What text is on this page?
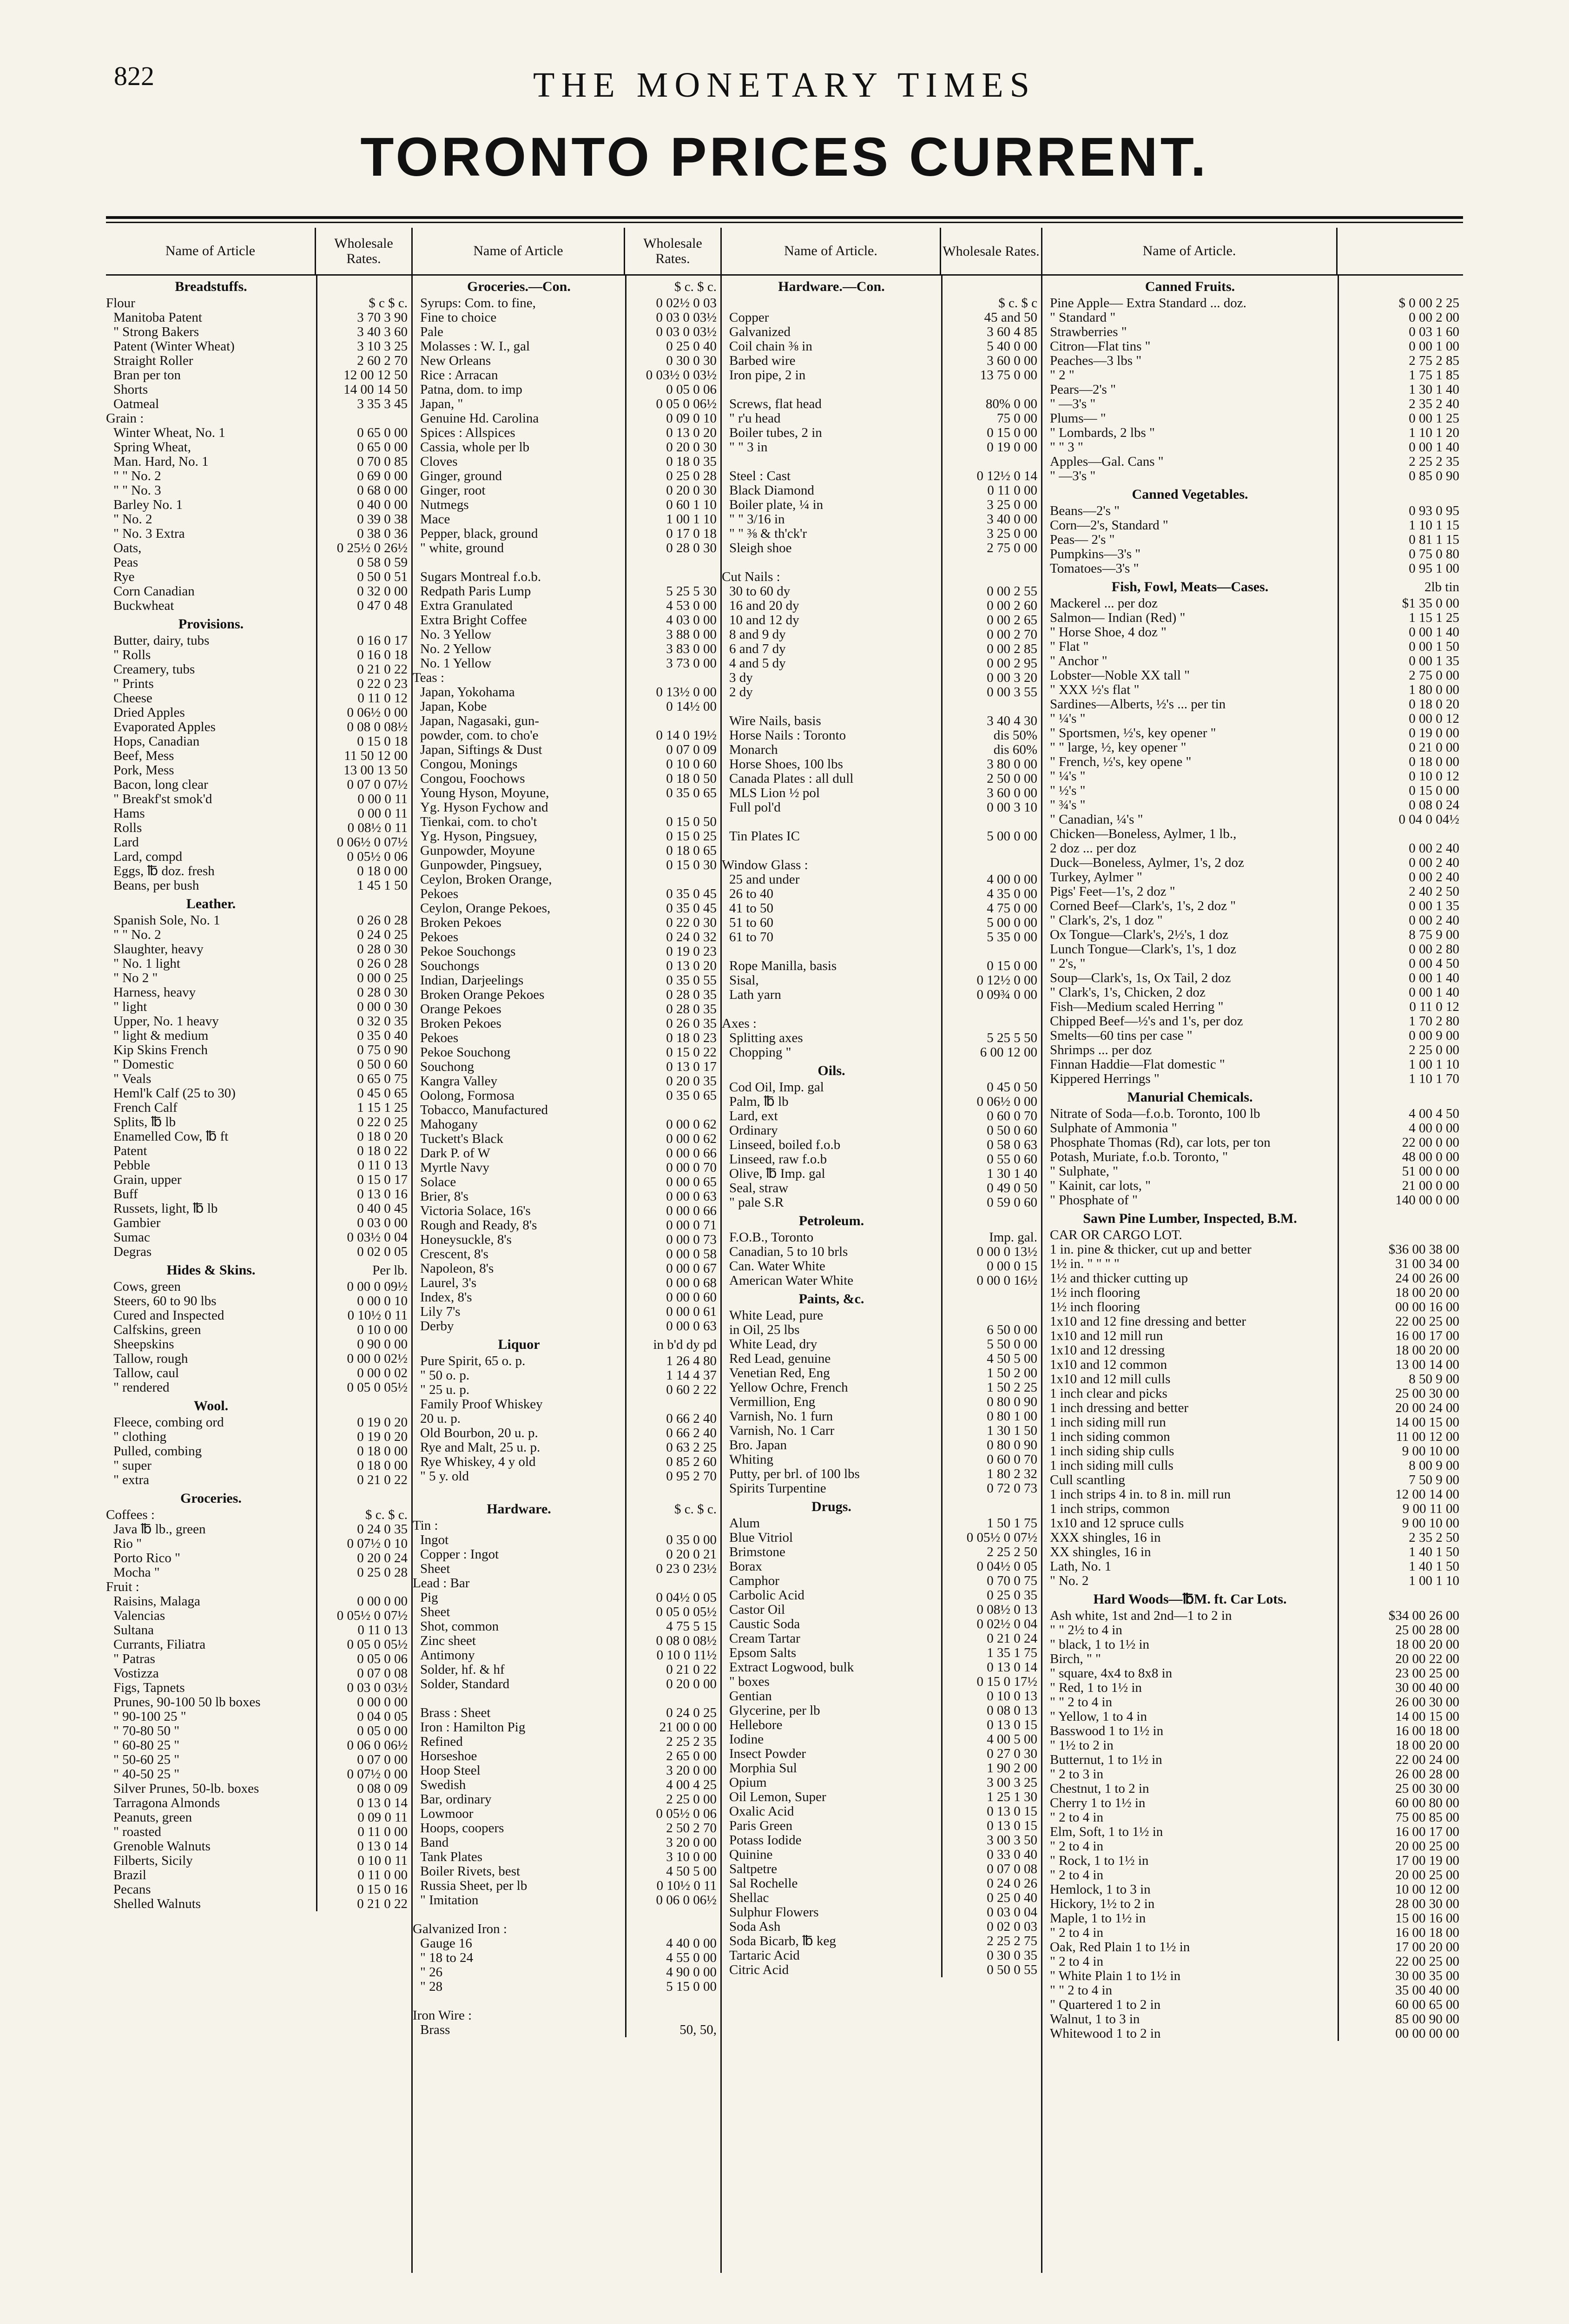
822	THE MONETARY TIMES
TORONTO PRICES CURRENT.
Name of Article	Wholesale Rates.
Breadstuffs.
Flour	$ c $ c.
Manitoba Patent	3 70 3 90
" Strong Bakers	3 40 3 60
Patent (Winter Wheat)	3 10 3 25
Straight Roller	2 60 2 70
Bran per ton	12 00 12 50
Shorts	14 00 14 50
Oatmeal	3 35 3 45
Grain :
Winter Wheat, No. 1	0 65 0 00
Spring Wheat,	0 65 0 00
Man. Hard, No. 1	0 70 0 85
" " No. 2	0 69 0 00
" " No. 3	0 68 0 00
Barley No. 1	0 40 0 00
" No. 2	0 39 0 38
" No. 3 Extra	0 38 0 36
Oats,	0 25½ 0 26½
Peas	0 58 0 59
Rye	0 50 0 51
Corn Canadian	0 32 0 00
Buckwheat	0 47 0 48
Provisions.
Butter, dairy, tubs	0 16 0 17
" Rolls	0 16 0 18
Creamery, tubs	0 21 0 22
" Prints	0 22 0 23
Cheese	0 11 0 12
Dried Apples	0 06½ 0 00
Evaporated Apples	0 08 0 08½
Hops, Canadian	0 15 0 18
Beef, Mess	11 50 12 00
Pork, Mess	13 00 13 50
Bacon, long clear	0 07 0 07½
" Breakf'st smok'd	0 00 0 11
Hams	0 00 0 11
Rolls	0 08½ 0 11
Lard	0 06½ 0 07½
Lard, compd	0 05½ 0 06
Eggs, ℔ doz. fresh	0 18 0 00
Beans, per bush	1 45 1 50
Leather.
Spanish Sole, No. 1	0 26 0 28
" " No. 2	0 24 0 25
Slaughter, heavy	0 28 0 30
" No. 1 light	0 26 0 28
" No 2 "	0 00 0 25
Harness, heavy	0 28 0 30
" light	0 00 0 30
Upper, No. 1 heavy	0 32 0 35
" light & medium	0 35 0 40
Kip Skins French	0 75 0 90
" Domestic	0 50 0 60
" Veals	0 65 0 75
Heml'k Calf (25 to 30)	0 45 0 65
French Calf	1 15 1 25
Splits, ℔ lb	0 22 0 25
Enamelled Cow, ℔ ft	0 18 0 20
Patent	0 18 0 22
Pebble	0 11 0 13
Grain, upper	0 15 0 17
Buff	0 13 0 16
Russets, light, ℔ lb	0 40 0 45
Gambier	0 03 0 00
Sumac	0 03½ 0 04
Degras	0 02 0 05
Hides & Skins.	Per lb.
Cows, green	0 00 0 09½
Steers, 60 to 90 lbs	0 00 0 10
Cured and Inspected	0 10½ 0 11
Calfskins, green	0 10 0 00
Sheepskins	0 90 0 00
Tallow, rough	0 00 0 02½
Tallow, caul	0 00 0 02
" rendered	0 05 0 05½
Wool.
Fleece, combing ord	0 19 0 20
" clothing	0 19 0 20
Pulled, combing	0 18 0 00
" super	0 18 0 00
" extra	0 21 0 22
Groceries.
Coffees :	$ c. $ c.
Java ℔ lb., green	0 24 0 35
Rio "	0 07½ 0 10
Porto Rico "	0 20 0 24
Mocha "	0 25 0 28
Fruit :
Raisins, Malaga	0 00 0 00
Valencias	0 05½ 0 07½
Sultana	0 11 0 13
Currants, Filiatra	0 05 0 05½
" Patras	0 05 0 06
Vostizza	0 07 0 08
Figs, Tapnets	0 03 0 03½
Prunes, 90-100 50 lb boxes	0 00 0 00
" 90-100 25 "	0 04 0 05
" 70-80 50 "	0 05 0 00
" 60-80 25 "	0 06 0 06½
" 50-60 25 "	0 07 0 00
" 40-50 25 "	0 07½ 0 00
Silver Prunes, 50-lb. boxes	0 08 0 09
Tarragona Almonds	0 13 0 14
Peanuts, green	0 09 0 11
" roasted	0 11 0 00
Grenoble Walnuts	0 13 0 14
Filberts, Sicily	0 10 0 11
Brazil	0 11 0 00
Pecans	0 15 0 16
Shelled Walnuts	0 21 0 22
Name of Article	Wholesale Rates.
Groceries.—Con.	$ c. $ c.
Syrups: Com. to fine,	0 02½ 0 03
Fine to choice	0 03 0 03½
Pale	0 03 0 03½
Molasses : W. I., gal	0 25 0 40
New Orleans	0 30 0 30
Rice : Arracan	0 03½ 0 03½
Patna, dom. to imp	0 05 0 06
Japan, "	0 05 0 06½
Genuine Hd. Carolina	0 09 0 10
Spices : Allspices	0 13 0 20
Cassia, whole per lb	0 20 0 30
Cloves	0 18 0 35
Ginger, ground	0 25 0 28
Ginger, root	0 20 0 30
Nutmegs	0 60 1 10
Mace	1 00 1 10
Pepper, black, ground	0 17 0 18
" white, ground	0 28 0 30
Sugars Montreal f.o.b.
Redpath Paris Lump	5 25 5 30
Extra Granulated	4 53 0 00
Extra Bright Coffee	4 03 0 00
No. 3 Yellow	3 88 0 00
No. 2 Yellow	3 83 0 00
No. 1 Yellow	3 73 0 00
Teas :
Japan, Yokohama	0 13½ 0 00
Japan, Kobe	0 14½ 00
Japan, Nagasaki, gun-
powder, com. to cho'e	0 14 0 19½
Japan, Siftings & Dust	0 07 0 09
Congou, Monings	0 10 0 60
Congou, Foochows	0 18 0 50
Young Hyson, Moyune,	0 35 0 65
Yg. Hyson Fychow and
Tienkai, com. to cho't	0 15 0 50
Yg. Hyson, Pingsuey,	0 15 0 25
Gunpowder, Moyune	0 18 0 65
Gunpowder, Pingsuey,	0 15 0 30
Ceylon, Broken Orange,
Pekoes	0 35 0 45
Ceylon, Orange Pekoes,	0 35 0 45
Broken Pekoes	0 22 0 30
Pekoes	0 24 0 32
Pekoe Souchongs	0 19 0 23
Souchongs	0 13 0 20
Indian, Darjeelings	0 35 0 55
Broken Orange Pekoes	0 28 0 35
Orange Pekoes	0 28 0 35
Broken Pekoes	0 26 0 35
Pekoes	0 18 0 23
Pekoe Souchong	0 15 0 22
Souchong	0 13 0 17
Kangra Valley	0 20 0 35
Oolong, Formosa	0 35 0 65
Tobacco, Manufactured
Mahogany	0 00 0 62
Tuckett's Black	0 00 0 62
Dark P. of W	0 00 0 66
Myrtle Navy	0 00 0 70
Solace	0 00 0 65
Brier, 8's	0 00 0 63
Victoria Solace, 16's	0 00 0 66
Rough and Ready, 8's	0 00 0 71
Honeysuckle, 8's	0 00 0 73
Crescent, 8's	0 00 0 58
Napoleon, 8's	0 00 0 67
Laurel, 3's	0 00 0 68
Index, 8's	0 00 0 60
Lily 7's	0 00 0 61
Derby	0 00 0 63
Liquor	in b'd dy pd
Pure Spirit, 65 o. p.	1 26 4 80
" 50 o. p.	1 14 4 37
" 25 u. p.	0 60 2 22
Family Proof Whiskey
20 u. p.	0 66 2 40
Old Bourbon, 20 u. p.	0 66 2 40
Rye and Malt, 25 u. p.	0 63 2 25
Rye Whiskey, 4 y old	0 85 2 60
" 5 y. old	0 95 2 70
Hardware.	$ c. $ c.
Tin :
Ingot	0 35 0 00
Copper : Ingot	0 20 0 21
Sheet	0 23 0 23½
Lead : Bar
Pig	0 04½ 0 05
Sheet	0 05 0 05½
Shot, common	4 75 5 15
Zinc sheet	0 08 0 08½
Antimony	0 10 0 11½
Solder, hf. & hf	0 21 0 22
Solder, Standard	0 20 0 00
Brass : Sheet	0 24 0 25
Iron : Hamilton Pig	21 00 0 00
Refined	2 25 2 35
Horseshoe	2 65 0 00
Hoop Steel	3 20 0 00
Swedish	4 00 4 25
Bar, ordinary	2 25 0 00
Lowmoor	0 05½ 0 06
Hoops, coopers	2 50 2 70
Band	3 20 0 00
Tank Plates	3 10 0 00
Boiler Rivets, best	4 50 5 00
Russia Sheet, per lb	0 10½ 0 11
" Imitation	0 06 0 06½
Galvanized Iron :
Gauge 16	4 40 0 00
" 18 to 24	4 55 0 00
" 26	4 90 0 00
" 28	5 15 0 00
Iron Wire :
Brass	50, 50,
Name of Article.	Wholesale Rates.
Hardware.—Con.
$ c. $ c
Copper	45 and 50
Galvanized	3 60 4 85
Coil chain ⅜ in	5 40 0 00
Barbed wire	3 60 0 00
Iron pipe, 2 in	13 75 0 00
Screws, flat head	80% 0 00
" r'u head	75 0 00
Boiler tubes, 2 in	0 15 0 00
" " 3 in	0 19 0 00
Steel : Cast	0 12½ 0 14
Black Diamond	0 11 0 00
Boiler plate, ¼ in	3 25 0 00
" " 3/16 in	3 40 0 00
" " ⅜ & th'ck'r	3 25 0 00
Sleigh shoe	2 75 0 00
Cut Nails :
30 to 60 dy	0 00 2 55
16 and 20 dy	0 00 2 60
10 and 12 dy	0 00 2 65
8 and 9 dy	0 00 2 70
6 and 7 dy	0 00 2 85
4 and 5 dy	0 00 2 95
3 dy	0 00 3 20
2 dy	0 00 3 55
Wire Nails, basis	3 40 4 30
Horse Nails : Toronto	dis 50%
Monarch	dis 60%
Horse Shoes, 100 lbs	3 80 0 00
Canada Plates : all dull	2 50 0 00
MLS Lion ½ pol	3 60 0 00
Full pol'd	0 00 3 10
Tin Plates IC	5 00 0 00
Window Glass :
25 and under	4 00 0 00
26 to 40	4 35 0 00
41 to 50	4 75 0 00
51 to 60	5 00 0 00
61 to 70	5 35 0 00
Rope Manilla, basis	0 15 0 00
Sisal,	0 12½ 0 00
Lath yarn	0 09¾ 0 00
Axes :
Splitting axes	5 25 5 50
Chopping "	6 00 12 00
Oils.
Cod Oil, Imp. gal	0 45 0 50
Palm, ℔ lb	0 06½ 0 00
Lard, ext	0 60 0 70
Ordinary	0 50 0 60
Linseed, boiled f.o.b	0 58 0 63
Linseed, raw f.o.b	0 55 0 60
Olive, ℔ Imp. gal	1 30 1 40
Seal, straw	0 49 0 50
" pale S.R	0 59 0 60
Petroleum.
F.O.B., Toronto	Imp. gal.
Canadian, 5 to 10 brls	0 00 0 13½
Can. Water White	0 00 0 15
American Water White	0 00 0 16½
Paints, &c.
White Lead, pure
in Oil, 25 lbs	6 50 0 00
White Lead, dry	5 50 0 00
Red Lead, genuine	4 50 5 00
Venetian Red, Eng	1 50 2 00
Yellow Ochre, French	1 50 2 25
Vermillion, Eng	0 80 0 90
Varnish, No. 1 furn	0 80 1 00
Varnish, No. 1 Carr	1 30 1 50
Bro. Japan	0 80 0 90
Whiting	0 60 0 70
Putty, per brl. of 100 lbs	1 80 2 32
Spirits Turpentine	0 72 0 73
Drugs.
Alum	1 50 1 75
Blue Vitriol	0 05½ 0 07½
Brimstone	2 25 2 50
Borax	0 04½ 0 05
Camphor	0 70 0 75
Carbolic Acid	0 25 0 35
Castor Oil	0 08½ 0 13
Caustic Soda	0 02½ 0 04
Cream Tartar	0 21 0 24
Epsom Salts	1 35 1 75
Extract Logwood, bulk	0 13 0 14
" boxes	0 15 0 17½
Gentian	0 10 0 13
Glycerine, per lb	0 08 0 13
Hellebore	0 13 0 15
Iodine	4 00 5 00
Insect Powder	0 27 0 30
Morphia Sul	1 90 2 00
Opium	3 00 3 25
Oil Lemon, Super	1 25 1 30
Oxalic Acid	0 13 0 15
Paris Green	0 13 0 15
Potass Iodide	3 00 3 50
Quinine	0 33 0 40
Saltpetre	0 07 0 08
Sal Rochelle	0 24 0 26
Shellac	0 25 0 40
Sulphur Flowers	0 03 0 04
Soda Ash	0 02 0 03
Soda Bicarb, ℔ keg	2 25 2 75
Tartaric Acid	0 30 0 35
Citric Acid	0 50 0 55
Name of Article.
Canned Fruits.
Pine Apple— Extra Standard ... doz.	$ 0 00 2 25
" Standard "	0 00 2 00
Strawberries "	0 03 1 60
Citron—Flat tins "	0 00 1 00
Peaches—3 lbs "	2 75 2 85
" 2 "	1 75 1 85
Pears—2's "	1 30 1 40
" —3's "	2 35 2 40
Plums— "	0 00 1 25
" Lombards, 2 lbs "	1 10 1 20
" " 3 "	0 00 1 40
Apples—Gal. Cans "	2 25 2 35
" —3's "	0 85 0 90
Canned Vegetables.
Beans—2's "	0 93 0 95
Corn—2's, Standard "	1 10 1 15
Peas— 2's "	0 81 1 15
Pumpkins—3's "	0 75 0 80
Tomatoes—3's "	0 95 1 00
Fish, Fowl, Meats—Cases.	2lb tin
Mackerel ... per doz	$1 35 0 00
Salmon— Indian (Red) "	1 15 1 25
" Horse Shoe, 4 doz "	0 00 1 40
" Flat "	0 00 1 50
" Anchor "	0 00 1 35
Lobster—Noble XX tall "	2 75 0 00
" XXX ½'s flat "	1 80 0 00
Sardines—Alberts, ½'s ... per tin	0 18 0 20
" ¼'s "	0 00 0 12
" Sportsmen, ½'s, key opener "	0 19 0 00
" " large, ½, key opener "	0 21 0 00
" French, ½'s, key opene "	0 18 0 00
" ¼'s "	0 10 0 12
" ½'s "	0 15 0 00
" ¾'s "	0 08 0 24
" Canadian, ¼'s "	0 04 0 04½
Chicken—Boneless, Aylmer, 1 lb.,
2 doz ... per doz	0 00 2 40
Duck—Boneless, Aylmer, 1's, 2 doz	0 00 2 40
Turkey, Aylmer "	0 00 2 40
Pigs' Feet—1's, 2 doz "	2 40 2 50
Corned Beef—Clark's, 1's, 2 doz "	0 00 1 35
" Clark's, 2's, 1 doz "	0 00 2 40
Ox Tongue—Clark's, 2½'s, 1 doz	8 75 9 00
Lunch Tongue—Clark's, 1's, 1 doz	0 00 2 80
" 2's, "	0 00 4 50
Soup—Clark's, 1s, Ox Tail, 2 doz	0 00 1 40
" Clark's, 1's, Chicken, 2 doz	0 00 1 40
Fish—Medium scaled Herring "	0 11 0 12
Chipped Beef—½'s and 1's, per doz	1 70 2 80
Smelts—60 tins per case "	0 00 9 00
Shrimps ... per doz	2 25 0 00
Finnan Haddie—Flat domestic "	1 00 1 10
Kippered Herrings "	1 10 1 70
Manurial Chemicals.
Nitrate of Soda—f.o.b. Toronto, 100 lb	4 00 4 50
Sulphate of Ammonia "	4 00 0 00
Phosphate Thomas (Rd), car lots, per ton	22 00 0 00
Potash, Muriate, f.o.b. Toronto, "	48 00 0 00
" Sulphate, "	51 00 0 00
" Kainit, car lots, "	21 00 0 00
" Phosphate of "	140 00 0 00
Sawn Pine Lumber, Inspected, B.M.
CAR OR CARGO LOT.
1 in. pine & thicker, cut up and better	$36 00 38 00
1½ in. " " " "	31 00 34 00
1½ and thicker cutting up	24 00 26 00
1½ inch flooring	18 00 20 00
1½ inch flooring	00 00 16 00
1x10 and 12 fine dressing and better	22 00 25 00
1x10 and 12 mill run	16 00 17 00
1x10 and 12 dressing	18 00 20 00
1x10 and 12 common	13 00 14 00
1x10 and 12 mill culls	8 50 9 00
1 inch clear and picks	25 00 30 00
1 inch dressing and better	20 00 24 00
1 inch siding mill run	14 00 15 00
1 inch siding common	11 00 12 00
1 inch siding ship culls	9 00 10 00
1 inch siding mill culls	8 00 9 00
Cull scantling	7 50 9 00
1 inch strips 4 in. to 8 in. mill run	12 00 14 00
1 inch strips, common	9 00 11 00
1x10 and 12 spruce culls	9 00 10 00
XXX shingles, 16 in	2 35 2 50
XX shingles, 16 in	1 40 1 50
Lath, No. 1	1 40 1 50
" No. 2	1 00 1 10
Hard Woods—℔M. ft. Car Lots.
Ash white, 1st and 2nd—1 to 2 in	$34 00 26 00
" " 2½ to 4 in	25 00 28 00
" black, 1 to 1½ in	18 00 20 00
Birch, " "	20 00 22 00
" square, 4x4 to 8x8 in	23 00 25 00
" Red, 1 to 1½ in	30 00 40 00
" " 2 to 4 in	26 00 30 00
" Yellow, 1 to 4 in	14 00 15 00
Basswood 1 to 1½ in	16 00 18 00
" 1½ to 2 in	18 00 20 00
Butternut, 1 to 1½ in	22 00 24 00
" 2 to 3 in	26 00 28 00
Chestnut, 1 to 2 in	25 00 30 00
Cherry 1 to 1½ in	60 00 80 00
" 2 to 4 in	75 00 85 00
Elm, Soft, 1 to 1½ in	16 00 17 00
" 2 to 4 in	20 00 25 00
" Rock, 1 to 1½ in	17 00 19 00
" 2 to 4 in	20 00 25 00
Hemlock, 1 to 3 in	10 00 12 00
Hickory, 1½ to 2 in	28 00 30 00
Maple, 1 to 1½ in	15 00 16 00
" 2 to 4 in	16 00 18 00
Oak, Red Plain 1 to 1½ in	17 00 20 00
" 2 to 4 in	22 00 25 00
" White Plain 1 to 1½ in	30 00 35 00
" " 2 to 4 in	35 00 40 00
" Quartered 1 to 2 in	60 00 65 00
Walnut, 1 to 3 in	85 00 90 00
Whitewood 1 to 2 in	00 00 00 00
